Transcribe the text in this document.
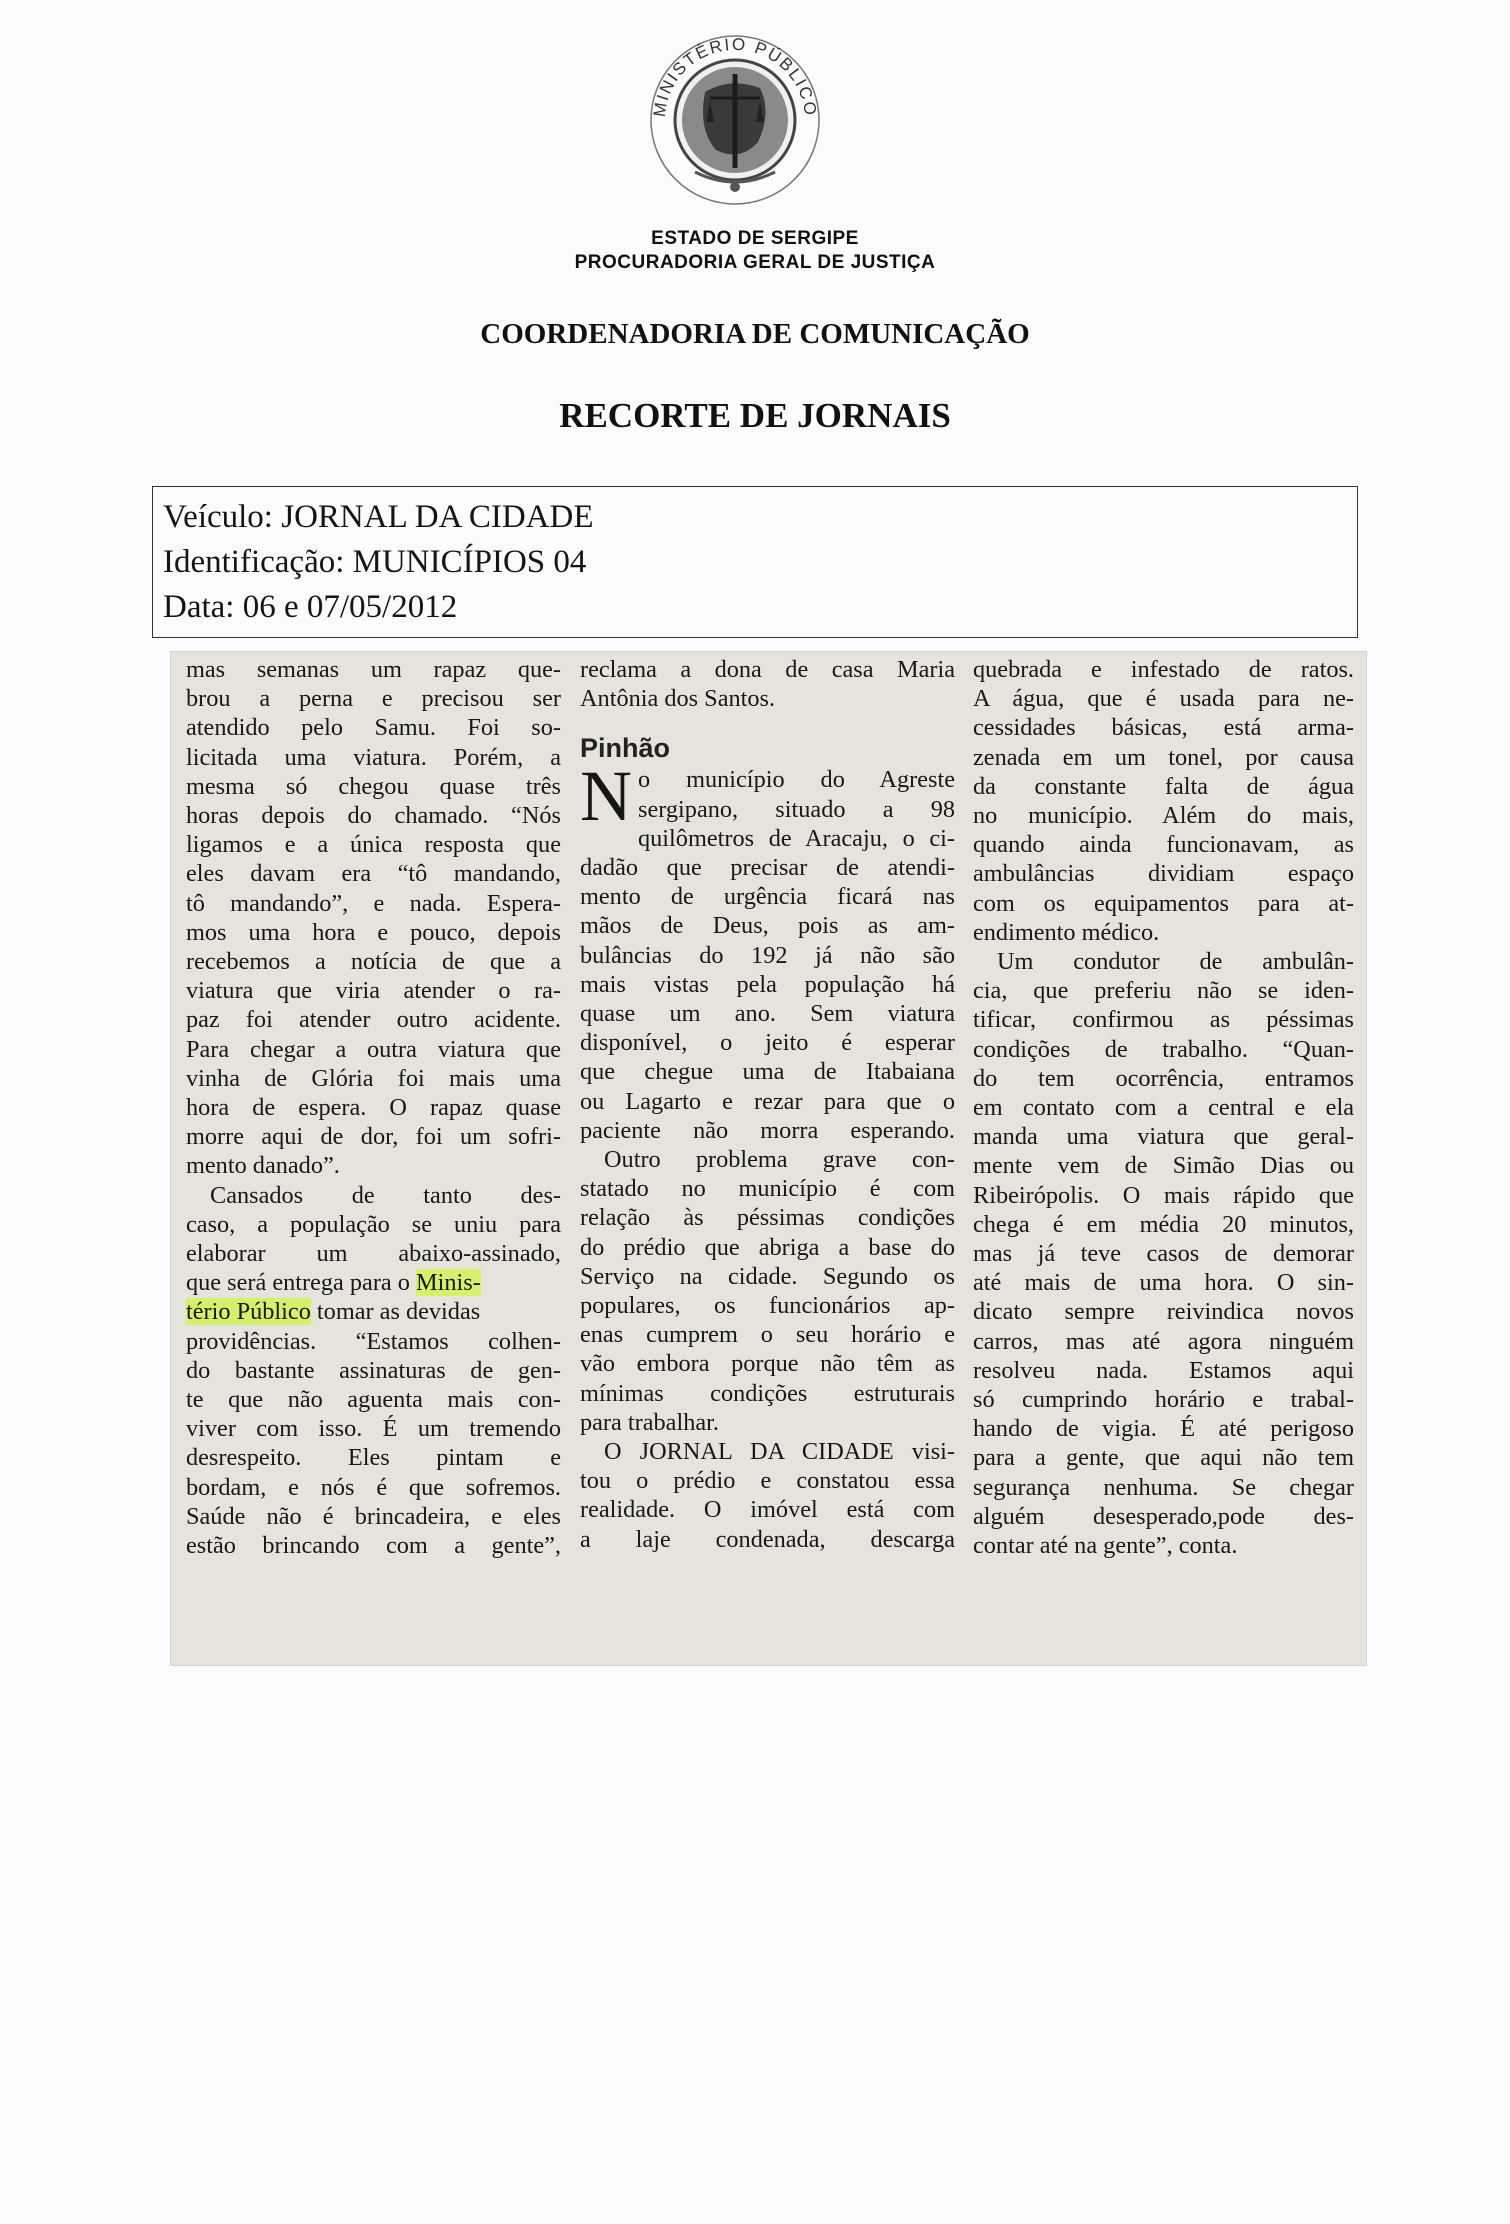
MINISTÉRIO PÚBLICO
ESTADO DE SERGIPE
PROCURADORIA GERAL DE JUSTIÇA
COORDENADORIA DE COMUNICAÇÃO
RECORTE DE JORNAIS
Veículo: JORNAL DA CIDADE
Identificação: MUNICÍPIOS 04
Data: 06 e 07/05/2012
mas semanas um rapaz que-
brou a perna e precisou ser
atendido pelo Samu. Foi so-
licitada uma viatura. Porém, a
mesma só chegou quase três
horas depois do chamado. “Nós
ligamos e a única resposta que
eles davam era “tô mandando,
tô mandando”, e nada. Espera-
mos uma hora e pouco, depois
recebemos a notícia de que a
viatura que viria atender o ra-
paz foi atender outro acidente.
Para chegar a outra viatura que
vinha de Glória foi mais uma
hora de espera. O rapaz quase
morre aqui de dor, foi um sofri-
mento danado”.
Cansados de tanto des-
caso, a população se uniu para
elaborar um abaixo-assinado,
que será entrega para o Minis-
tério Público tomar as devidas
providências. “Estamos colhen-
do bastante assinaturas de gen-
te que não aguenta mais con-
viver com isso. É um tremendo
desrespeito. Eles pintam e
bordam, e nós é que sofremos.
Saúde não é brincadeira, e eles
estão brincando com a gente”,
reclama a dona de casa Maria
Antônia dos Santos.
Pinhão
N o município do Agreste
sergipano, situado a 98
quilômetros de Aracaju, o ci-
dadão que precisar de atendi-
mento de urgência ficará nas
mãos de Deus, pois as am-
bulâncias do 192 já não são
mais vistas pela população há
quase um ano. Sem viatura
disponível, o jeito é esperar
que chegue uma de Itabaiana
ou Lagarto e rezar para que o
paciente não morra esperando.
Outro problema grave con-
statado no município é com
relação às péssimas condições
do prédio que abriga a base do
Serviço na cidade. Segundo os
populares, os funcionários ap-
enas cumprem o seu horário e
vão embora porque não têm as
mínimas condições estruturais
para trabalhar.
O JORNAL DA CIDADE visi-
tou o prédio e constatou essa
realidade. O imóvel está com
a laje condenada, descarga
quebrada e infestado de ratos.
A água, que é usada para ne-
cessidades básicas, está arma-
zenada em um tonel, por causa
da constante falta de água
no município. Além do mais,
quando ainda funcionavam, as
ambulâncias dividiam espaço
com os equipamentos para at-
endimento médico.
Um condutor de ambulân-
cia, que preferiu não se iden-
tificar, confirmou as péssimas
condições de trabalho. “Quan-
do tem ocorrência, entramos
em contato com a central e ela
manda uma viatura que geral-
mente vem de Simão Dias ou
Ribeirópolis. O mais rápido que
chega é em média 20 minutos,
mas já teve casos de demorar
até mais de uma hora. O sin-
dicato sempre reivindica novos
carros, mas até agora ninguém
resolveu nada. Estamos aqui
só cumprindo horário e trabal-
hando de vigia. É até perigoso
para a gente, que aqui não tem
segurança nenhuma. Se chegar
alguém desesperado,pode des-
contar até na gente”, conta.
